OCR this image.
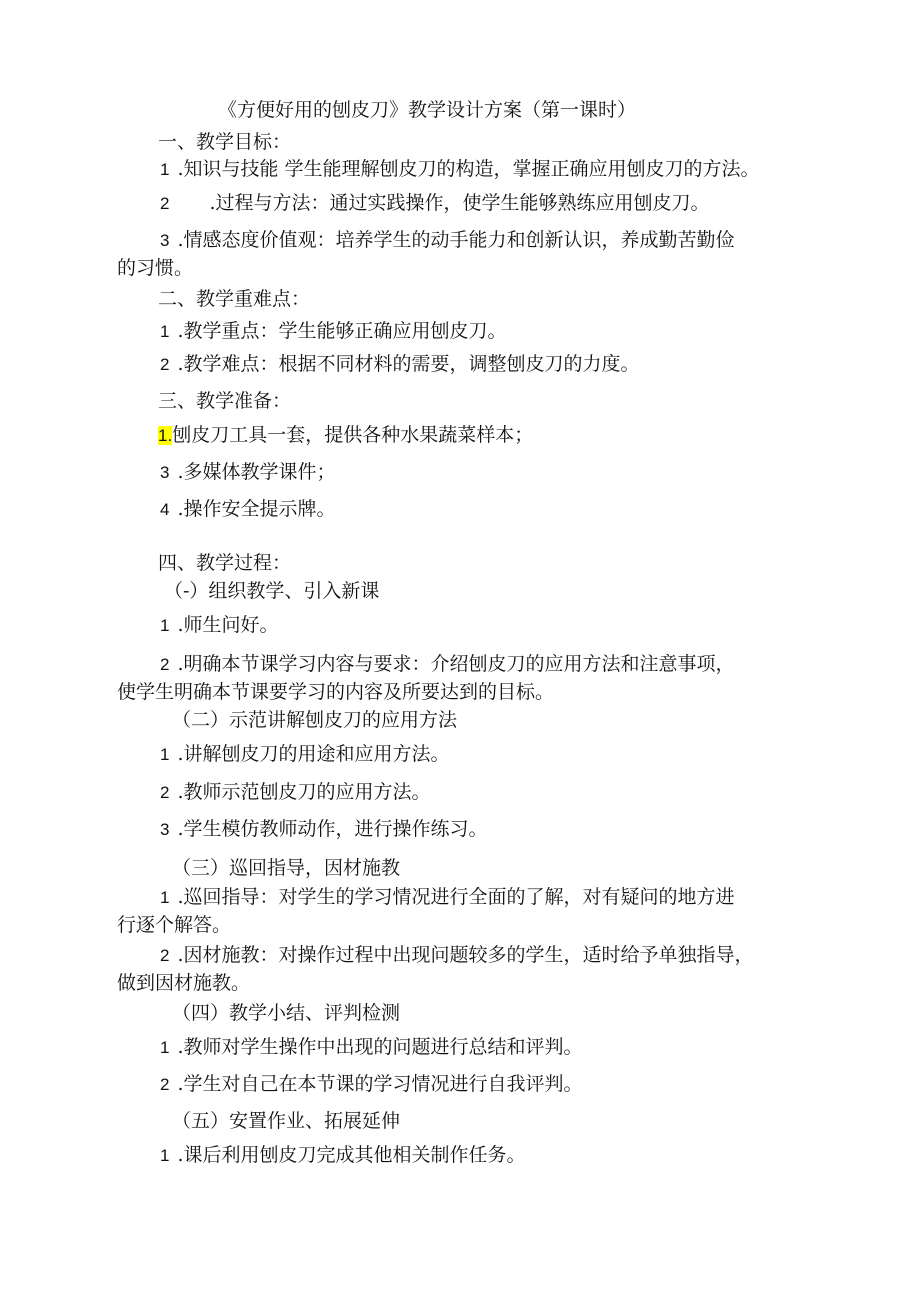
《方便好用的刨皮刀》教学设计方案（第一课时）
一、教学目标：
1 .知识与技能 学生能理解刨皮刀的构造，掌握正确应用刨皮刀的方法。
2 .过程与方法：通过实践操作，使学生能够熟练应用刨皮刀。
3 .情感态度价值观：培养学生的动手能力和创新认识，养成勤苦勤俭
的习惯。
二、教学重难点：
1 .教学重点：学生能够正确应用刨皮刀。
2 .教学难点：根据不同材料的需要，调整刨皮刀的力度。
三、教学准备：
1.刨皮刀工具一套，提供各种水果蔬菜样本；
3 .多媒体教学课件；
4 .操作安全提示牌。
四、教学过程：
（-）组织教学、引入新课
1 .师生问好。
2 .明确本节课学习内容与要求：介绍刨皮刀的应用方法和注意事项，
使学生明确本节课要学习的内容及所要达到的目标。
（二）示范讲解刨皮刀的应用方法
1 .讲解刨皮刀的用途和应用方法。
2 .教师示范刨皮刀的应用方法。
3 .学生模仿教师动作，进行操作练习。
（三）巡回指导，因材施教
1 .巡回指导：对学生的学习情况进行全面的了解，对有疑问的地方进
行逐个解答。
2 .因材施教：对操作过程中出现问题较多的学生，适时给予单独指导，
做到因材施教。
（四）教学小结、评判检测
1 .教师对学生操作中出现的问题进行总结和评判。
2 .学生对自己在本节课的学习情况进行自我评判。
（五）安置作业、拓展延伸
1 .课后利用刨皮刀完成其他相关制作任务。
